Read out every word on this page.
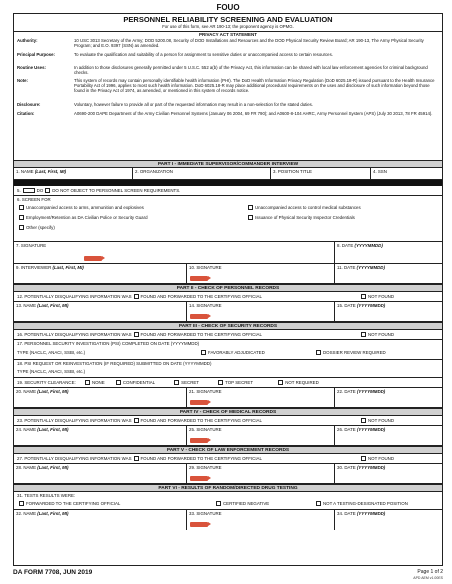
FOUO
PERSONNEL RELIABILITY SCREENING AND EVALUATION
For use of this form, see AR 190-13; the proponent agency is OPMG.
PRIVACY ACT STATEMENT
Authority:	10 USC 3013 Secretary of the Army; DOD 5200.08, Security of DOD Installations and Resources and the DOD Physical Security Review Board; AR 190-13, The Army Physical Security Program; and E.O. 9397 (SSN) as amended.
Principal Purpose:	To evaluate the qualification and suitability of a person for assignment to sensitive duties or unaccompanied access to certain resources.
Routine Uses:	In addition to those disclosures generally permitted under 5 U.S.C. 552 a(b) of the Privacy Act, this information can be shared with local law enforcement agencies for criminal background checks.
Note:	This system of records may contain personally identifiable health information (PHI). The DoD Health Information Privacy Regulation (DoD 6025.18-R) issued pursuant to the Health Insurance Portability Act of 1996, applies to most such health information. DoD 6025.18-R may place additional procedural requirements on the uses and disclosure of such information beyond those found in the Privacy Act of 1974, as amended, or mentioned in this system of records notice.
Disclosure:	Voluntary, however failure to provide all or part of the requested information may result in a non-selection for the stated duties.
Citation:	A0690-200 DAPE Department of the Army Civilian Personnel Systems (January 06 2004, 69 FR 790); and A0600-8-104 AHRC, Army Personnel System (APS) (July 30 2013, 78 FR 45914).
PART I - IMMEDIATE SUPERVISOR/COMMANDER INTERVIEW
1. NAME (Last, First, MI)	2. ORGANIZATION	3. POSITION TITLE	4. SSN
5.	DO DO NOT OBJECT TO PERSONNEL SCREEN REQUIREMENTS.
6. SCREEN FOR
Unaccompanied access to arms, ammunition and explosives	Unaccompanied access to control medical substances
Employment/Retention as DA Civilian Police or Security Guard	Issuance of Physical Security Inspector Credentials
Other (specify)
7. SIGNATURE	8. DATE (YYYYMMDD)
9. INTERVIEWER (Last, First, MI)	10. SIGNATURE	11. DATE (YYYYMMDD)
PART II - CHECK OF PERSONNEL RECORDS
12. POTENTIALLY DISQUALIFYING INFORMATION WAS FOUND AND FORWARDED TO THE CERTIFYING OFFICIAL	NOT FOUND
13. NAME (Last, First, MI)	14. SIGNATURE	15. DATE (YYYYMMDD)
PART III - CHECK OF SECURITY RECORDS
16. POTENTIALLY DISQUALIFYING INFORMATION WAS FOUND AND FORWARDED TO THE CERTIFYING OFFICIAL	NOT FOUND
17. PERSONNEL SECURITY INVESTIGATION (PSI) COMPLETED ON DATE (YYYYMMDD)
TYPE (NACLC, ANACI, SSBI, etc.)	FAVORABLY ADJUDICATED	DOSSIER REVIEW REQUIRED
18. PSI REQUEST OR REINVESTIGATION (IF REQUIRED) SUBMITTED ON DATE (YYYYMMDD)
TYPE (NACLC, ANACI, SSBI, etc.)
19. SECURITY CLEARANCE:	NONE	CONFIDENTIAL	SECRET	TOP SECRET	NOT REQUIRED
20. NAME (Last, First, MI)	21. SIGNATURE	22. DATE (YYYYMMDD)
PART IV - CHECK OF MEDICAL RECORDS
23. POTENTIALLY DISQUALIFYING INFORMATION WAS FOUND AND FORWARDED TO THE CERTIFYING OFFICIAL	NOT FOUND
24. NAME (Last, First, MI)	25. SIGNATURE	26. DATE (YYYYMMDD)
PART V - CHECK OF LAW ENFORCEMENT RECORDS
27. POTENTIALLY DISQUALIFYING INFORMATION WAS FOUND AND FORWARDED TO THE CERTIFYING OFFICIAL	NOT FOUND
28. NAME (Last, First, MI)	29. SIGNATURE	30. DATE (YYYYMMDD)
PART VI - RESULTS OF RANDOM/DIRECTED DRUG TESTING
31. TESTS RESULTS WERE:
FORWARDED TO THE CERTIFYING OFFICIAL	CERTIFIED NEGATIVE	NOT A TESTING-DESIGNATED POSITION
32. NAME (Last, First, MI)	33. SIGNATURE	34. DATE (YYYYMMDD)
DA FORM 7708, JUN 2019	Page 1 of 2
APD AEM v1.00ES
